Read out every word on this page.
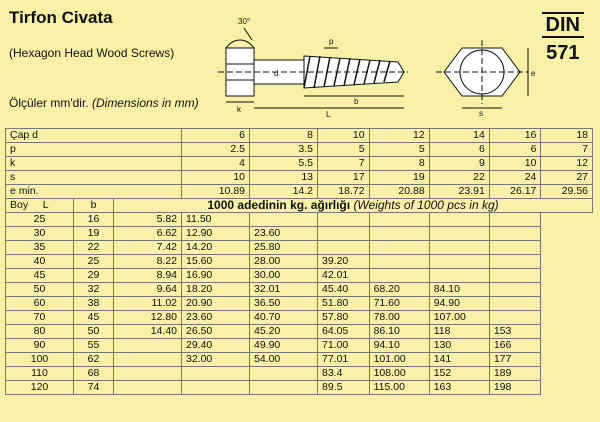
Tirfon Civata
(Hexagon Head Wood Screws)
Ölçüler mm'dir. (Dimensions in mm)
DIN
571
30°
d
p
k
L
b
s
e
Çap d			6	8	10	12	14	16	18
p			2.5	3.5	5	5	6	6	7
k			4	5.5	7	8	9	10	12
s			10	13	17	19	22	24	27
e min.			10.89	14.2	18.72	20.88	23.91	26.17	29.56
Boy L	b	1000 adedinin kg. ağırlığı (Weights of 1000 pcs in kg)							
25	16	5.82	11.50						
30	19	6.62	12.90	23.60					
35	22	7.42	14.20	25.80					
40	25	8.22	15.60	28.00	39.20				
45	29	8.94	16.90	30.00	42.01				
50	32	9.64	18.20	32.01	45.40	68.20	84.10		
60	38	11.02	20.90	36.50	51.80	71.60	94.90		
70	45	12.80	23.60	40.70	57.80	78.00	107.00		
80	50	14.40	26.50	45.20	64.05	86.10	118	153	
90	55		29.40	49.90	71.00	94.10	130	166	
100	62		32.00	54.00	77.01	101.00	141	177	
110	68				83.4	108.00	152	189	
120	74				89.5	115.00	163	198	
